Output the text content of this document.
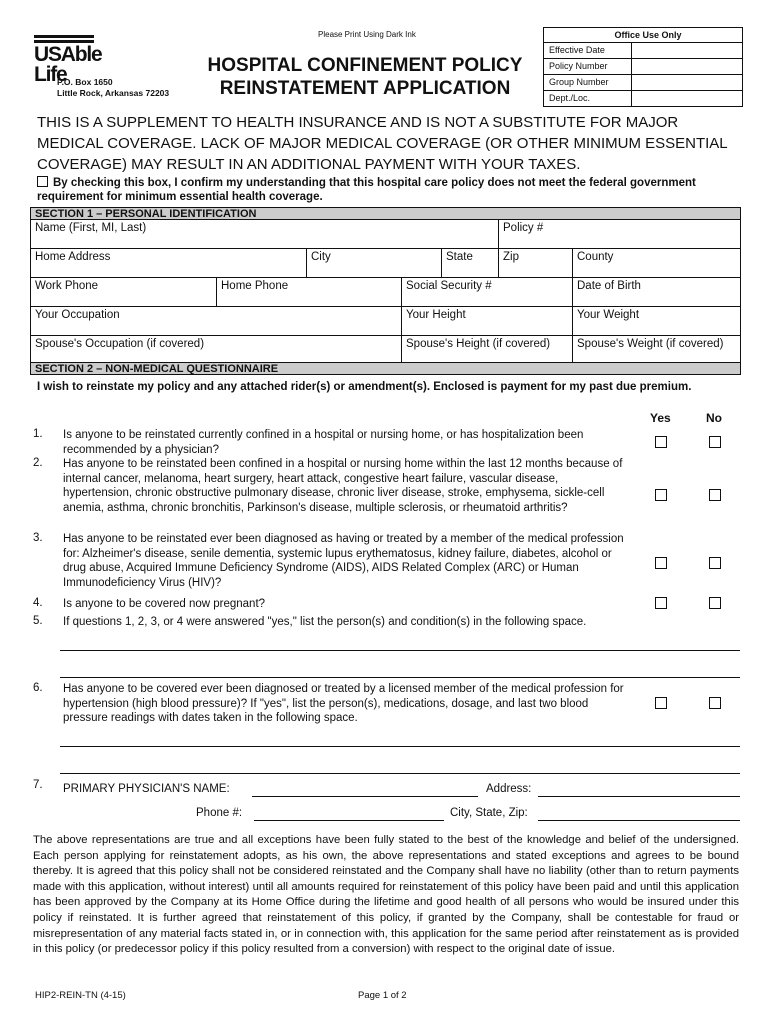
USAble Life
P.O. Box 1650
Little Rock, Arkansas 72203
Please Print Using Dark Ink
HOSPITAL CONFINEMENT POLICY
REINSTATEMENT APPLICATION
Office Use Only
Effective Date
Policy Number
Group Number
Dept./Loc.
THIS IS A SUPPLEMENT TO HEALTH INSURANCE AND IS NOT A SUBSTITUTE FOR MAJOR MEDICAL COVERAGE. LACK OF MAJOR MEDICAL COVERAGE (OR OTHER MINIMUM ESSENTIAL COVERAGE) MAY RESULT IN AN ADDITIONAL PAYMENT WITH YOUR TAXES.
By checking this box, I confirm my understanding that this hospital care policy does not meet the federal government requirement for minimum essential health coverage.
SECTION 1 – PERSONAL IDENTIFICATION
Name (First, MI, Last)	Policy #
Home Address	City	State	Zip	County
Work Phone	Home Phone	Social Security #	Date of Birth
Your Occupation	Your Height	Your Weight
Spouse's Occupation (if covered)	Spouse's Height (if covered)	Spouse's Weight (if covered)
SECTION 2 – NON-MEDICAL QUESTIONNAIRE
I wish to reinstate my policy and any attached rider(s) or amendment(s). Enclosed is payment for my past due premium.
Yes	No
1. Is anyone to be reinstated currently confined in a hospital or nursing home, or has hospitalization been recommended by a physician?
2. Has anyone to be reinstated been confined in a hospital or nursing home within the last 12 months because of internal cancer, melanoma, heart surgery, heart attack, congestive heart failure, vascular disease, hypertension, chronic obstructive pulmonary disease, chronic liver disease, stroke, emphysema, sickle-cell anemia, asthma, chronic bronchitis, Parkinson's disease, multiple sclerosis, or rheumatoid arthritis?
3. Has anyone to be reinstated ever been diagnosed as having or treated by a member of the medical profession for: Alzheimer's disease, senile dementia, systemic lupus erythematosus, kidney failure, diabetes, alcohol or drug abuse, Acquired Immune Deficiency Syndrome (AIDS), AIDS Related Complex (ARC) or Human Immunodeficiency Virus (HIV)?
4. Is anyone to be covered now pregnant?
5. If questions 1, 2, 3, or 4 were answered "yes," list the person(s) and condition(s) in the following space.
6. Has anyone to be covered ever been diagnosed or treated by a licensed member of the medical profession for hypertension (high blood pressure)? If "yes", list the person(s), medications, dosage, and last two blood pressure readings with dates taken in the following space.
7. PRIMARY PHYSICIAN'S NAME:	Address:
Phone #:	City, State, Zip:
The above representations are true and all exceptions have been fully stated to the best of the knowledge and belief of the undersigned. Each person applying for reinstatement adopts, as his own, the above representations and stated exceptions and agrees to be bound thereby. It is agreed that this policy shall not be considered reinstated and the Company shall have no liability (other than to return payments made with this application, without interest) until all amounts required for reinstatement of this policy have been paid and until this application has been approved by the Company at its Home Office during the lifetime and good health of all persons who would be insured under this policy if reinstated. It is further agreed that reinstatement of this policy, if granted by the Company, shall be contestable for fraud or misrepresentation of any material facts stated in, or in connection with, this application for the same period after reinstatement as is provided in this policy (or predecessor policy if this policy resulted from a conversion) with respect to the original date of issue.
HIP2-REIN-TN (4-15)	Page 1 of 2
